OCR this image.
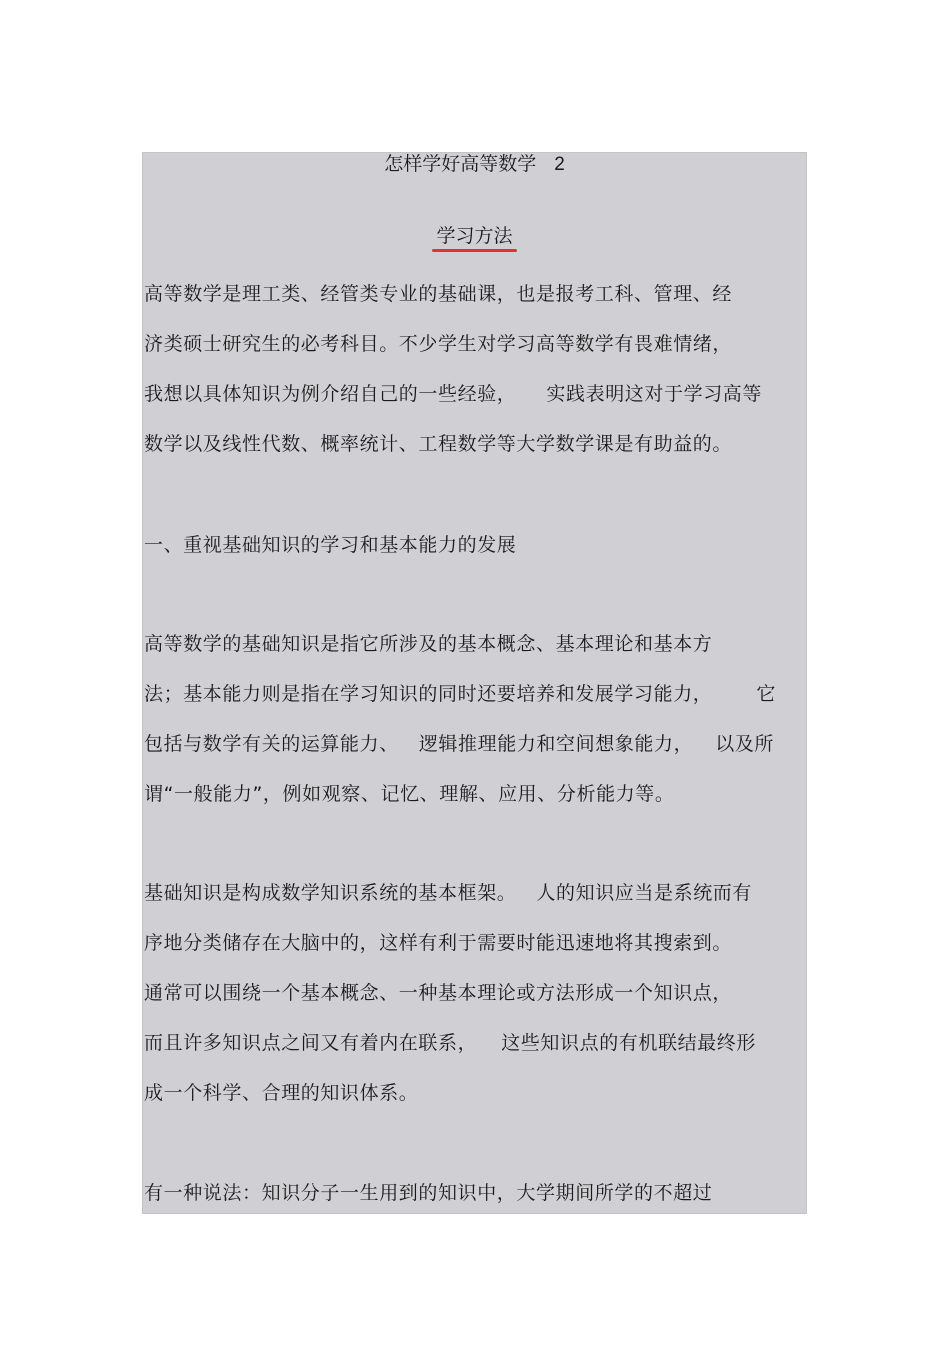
怎样学好高等数学 2
学习方法
高等数学是理工类、经管类专业的基础课，也是报考工科、管理、经
济类硕士研究生的必考科目。不少学生对学习高等数学有畏难情绪，
我想以具体知识为例介绍自己的一些经验， 实践表明这对于学习高等
数学以及线性代数、概率统计、工程数学等大学数学课是有助益的。
一、重视基础知识的学习和基本能力的发展
高等数学的基础知识是指它所涉及的基本概念、基本理论和基本方
法；基本能力则是指在学习知识的同时还要培养和发展学习能力， 它
包括与数学有关的运算能力、 逻辑推理能力和空间想象能力， 以及所
谓“一般能力”，例如观察、记忆、理解、应用、分析能力等。
基础知识是构成数学知识系统的基本框架。 人的知识应当是系统而有
序地分类储存在大脑中的，这样有利于需要时能迅速地将其搜索到。
通常可以围绕一个基本概念、一种基本理论或方法形成一个知识点，
而且许多知识点之间又有着内在联系， 这些知识点的有机联结最终形
成一个科学、合理的知识体系。
有一种说法：知识分子一生用到的知识中，大学期间所学的不超过
